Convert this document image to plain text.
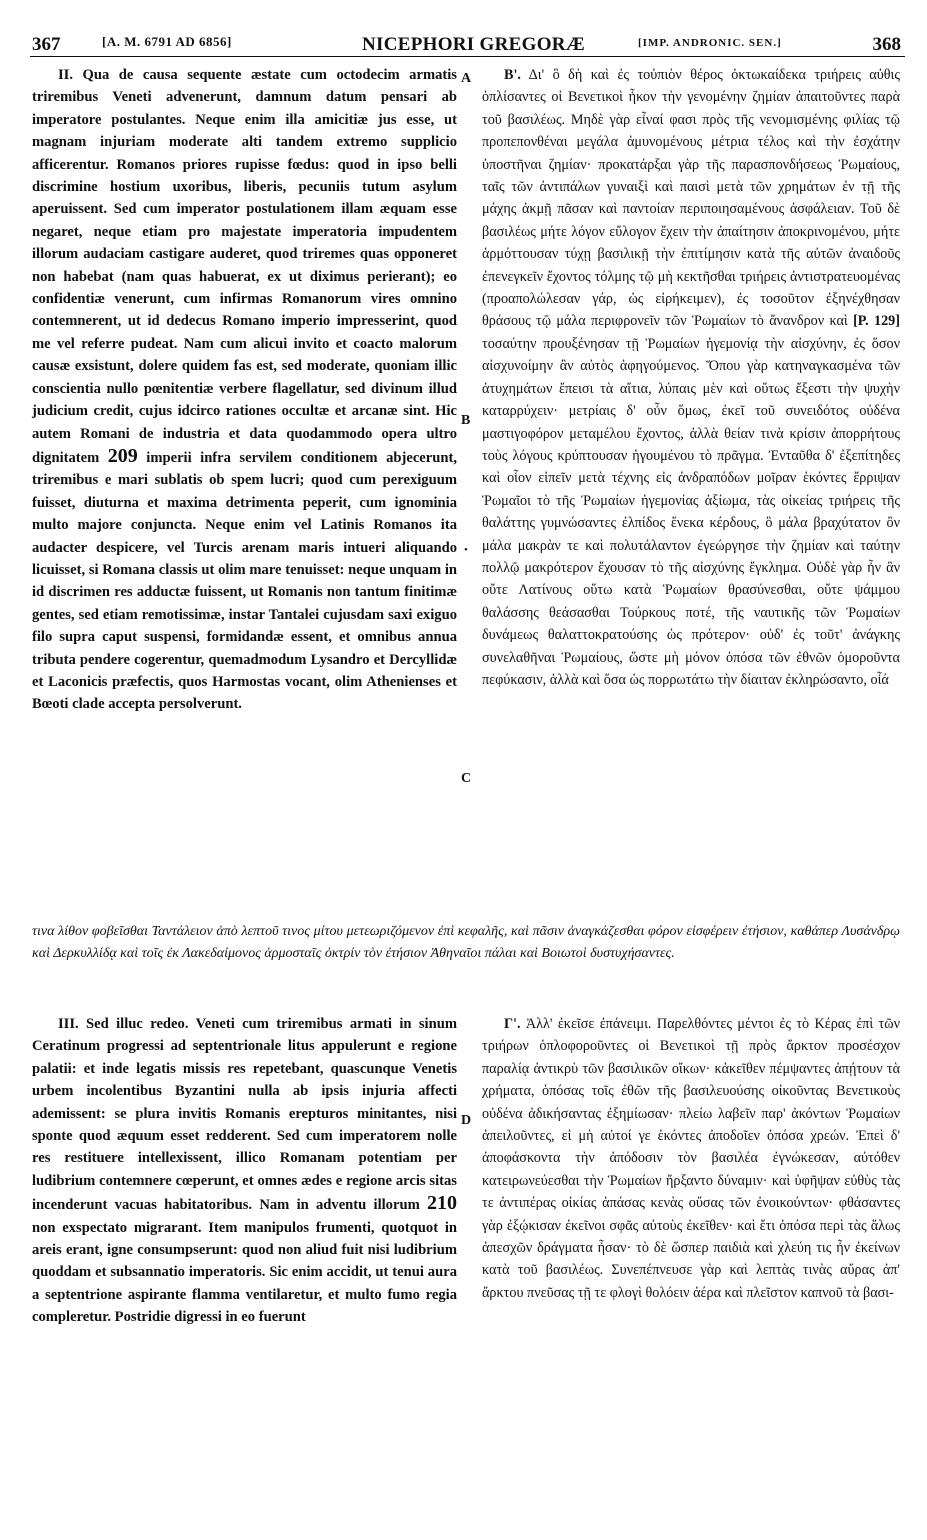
367	[A. M. 6791 AD 6856]	NICEPHORI GREGORÆ	[IMP. ANDRONIC. SEN.]	368
A
B
•
C
D

II. Qua de causa sequente æstate cum octodecim armatis triremibus Veneti advenerunt, damnum datum pensari ab imperatore postulantes. Neque enim illa amicitiæ jus esse, ut magnam injuriam moderate alti tandem extremo supplicio afficerentur. Romanos priores rupisse fœdus: quod in ipso belli discrimine hostium uxoribus, liberis, pecuniis tutum asylum aperuissent. Sed cum imperator postulationem illam æquam esse negaret, neque etiam pro majestate imperatoria impudentem illorum audaciam castigare auderet, quod triremes quas opponeret non habebat (nam quas habuerat, ex ut diximus perierant); eo confidentiæ venerunt, cum infirmas Romanorum vires omnino contemnerent, ut id dedecus Romano imperio impresserint, quod me vel referre pudeat. Nam cum alicui invito et coacto malorum causæ exsistunt, dolere quidem fas est, sed moderate, quoniam illic conscientia nullo pœnitentiæ verbere flagellatur, sed divinum illud judicium credit, cujus idcirco rationes occultæ et arcanæ sint. Hic autem Romani de industria et data quodammodo opera ultro dignitatem 209 imperii infra servilem conditionem abjecerunt, triremibus e mari sublatis ob spem lucri; quod cum perexiguum fuisset, diuturna et maxima detrimenta peperit, cum ignominia multo majore conjuncta. Neque enim vel Latinis Romanos ita audacter despicere, vel Turcis arenam maris intueri aliquando licuisset, si Romana classis ut olim mare tenuisset: neque unquam in id discrimen res adductæ fuissent, ut Romanis non tantum finitimæ gentes, sed etiam remotissimæ, instar Tantalei cujusdam saxi exiguo filo supra caput suspensi, formidandæ essent, et omnibus annua tributa pendere cogerentur, quemadmodum Lysandro et Dercyllidæ et Laconicis præfectis, quos Harmostas vocant, olim Athenienses et Bœoti clade accepta persolverunt.

Β'. Δι' ὃ δὴ καὶ ἐς τοὐπιὸν θέρος ὀκτωκαίδεκα τριήρεις αὐθις ὁπλίσαντες οἱ Βενετικοὶ ἧκον τὴν γενομένην ζημίαν ἀπαιτοῦντες παρὰ τοῦ βασιλέως. Μηδὲ γὰρ εἶναί φασι πρὸς τῆς νενομισμένης φιλίας τῷ προπεπονθέναι μεγάλα ἀμυνομένους μέτρια τέλος καὶ τὴν ἐσχάτην ὑποστῆναι ζημίαν· προκατάρξαι γὰρ τῆς παρασπονδήσεως Ῥωμαίους, ταῖς τῶν ἀντιπάλων γυναιξὶ καὶ παισὶ μετὰ τῶν χρημάτων ἐν τῇ τῆς μάχης ἀκμῇ πᾶσαν καὶ παντοίαν περιποιησαμένους ἀσφάλειαν. Τοῦ δὲ βασιλέως μήτε λόγον εὔλογον ἔχειν τὴν ἀπαίτησιν ἀποκρινομένου, μήτε ἁρμόττουσαν τύχῃ βασιλικῇ τὴν ἐπιτίμησιν κατὰ τῆς αὐτῶν ἀναιδοῦς ἐπενεγκεῖν ἔχοντος τόλμης τῷ μὴ κεκτῆσθαι τριήρεις ἀντιστρατευομένας (προαπολώλεσαν γάρ, ὡς εἰρήκειμεν), ἐς τοσοῦτον ἐξηνέχθησαν θράσους τῷ μάλα περιφρονεῖν τῶν Ῥωμαίων τὸ ἄνανδρον καὶ [P. 129] τοσαύτην προυξένησαν τῇ Ῥωμαίων ἡγεμονίᾳ τὴν αἰσχύνην, ἐς ὅσον αἰσχυνοίμην ἂν αὐτὸς ἀφηγούμενος. Ὅπου γὰρ κατηναγκασμένα τῶν ἀτυχημάτων ἔπεισι τὰ αἴτια, λύπαις μὲν καὶ οὕτως ἔξεστι τὴν ψυχὴν καταρρύχειν· μετρίαις δ' οὖν ὅμως, ἐκεῖ τοῦ συνειδότος οὐδένα μαστιγοφόρον μεταμέλου ἔχοντος, ἀλλὰ θείαν τινὰ κρίσιν ἀπορρήτους τοὺς λόγους κρύπτουσαν ἡγουμένου τὸ πρᾶγμα. Ἐνταῦθα δ' ἐξεπίτηδες καὶ οἷον εἰπεῖν μετὰ τέχνης εἰς ἀνδραπόδων μοῖραν ἑκόντες ἔρριψαν Ῥωμαῖοι τὸ τῆς Ῥωμαίων ἡγεμονίας ἀξίωμα, τὰς οἰκείας τριήρεις τῆς θαλάττης γυμνώσαντες ἐλπίδος ἕνεκα κέρδους, ὃ μάλα βραχύτατον ὂν μάλα μακρὰν τε καὶ πολυτάλαντον ἐγεώργησε τὴν ζημίαν καὶ ταύτην πολλῷ μακρότερον ἔχουσαν τὸ τῆς αἰσχύνης ἔγκλημα. Οὐδὲ γὰρ ἦν ἂν οὔτε Λατίνους οὕτω κατὰ Ῥωμαίων θρασύνεσθαι, οὔτε ψάμμου θαλάσσης θεάσασθαι Τούρκους ποτέ, τῆς ναυτικῆς τῶν Ῥωμαίων δυνάμεως θαλαττοκρατούσης ὡς πρότερον· οὐδ' ἐς τοῦτ' ἀνάγκης συνελαθῆναι Ῥωμαίους, ὥστε μὴ μόνον ὁπόσα τῶν ἐθνῶν ὁμοροῦντα πεφύκασιν, ἀλλὰ καὶ ὅσα ὡς πορρωτάτω τὴν δίαιταν ἐκληρώσαντο, οἷά

τινα λίθον φοβεῖσθαι Ταντάλειον ἀπὸ λεπτοῦ τινος μίτου μετεωριζόμενον ἐπὶ κεφαλῆς, καὶ πᾶσιν ἀναγκάζεσθαι φόρον εἰσφέρειν ἐτήσιον, καθάπερ Λυσάνδρῳ καὶ Δερκυλλίδᾳ καὶ τοῖς ἐκ Λακεδαίμονος ἁρμοσταῖς ὀκτρίν τὸν ἐτήσιον Ἀθηναῖοι πάλαι καὶ Βοιωτοὶ δυστυχήσαντες.

III. Sed illuc redeo. Veneti cum triremibus armati in sinum Ceratinum progressi ad septentrionale litus appulerunt e regione palatii: et inde legatis missis res repetebant, quascunque Venetis urbem incolentibus Byzantini nulla ab ipsis injuria affecti ademissent: se plura invitis Romanis erepturos minitantes, nisi sponte quod æquum esset redderent. Sed cum imperatorem nolle res restituere intellexissent, illico Romanam potentiam per ludibrium contemnere cœperunt, et omnes ædes e regione arcis sitas incenderunt vacuas habitatoribus. Nam in adventu illorum 210 non exspectato migrarant. Item manipulos frumenti, quotquot in areis erant, igne consumpserunt: quod non aliud fuit nisi ludibrium quoddam et subsannatio imperatoris. Sic enim accidit, ut tenui aura a septentrione aspirante flamma ventilaretur, et multo fumo regia compleretur. Postridie digressi in eo fuerunt

Γ'. Ἀλλ' ἐκεῖσε ἐπάνειμι. Παρελθόντες μέντοι ἐς τὸ Κέρας ἐπὶ τῶν τριήρων ὁπλοφοροῦντες οἱ Βενετικοὶ τῇ πρὸς ἄρκτον προσέσχον παραλίᾳ ἀντικρὺ τῶν βασιλικῶν οἴκων· κἀκεῖθεν πέμψαντες ἀπῄτουν τὰ χρήματα, ὁπόσας τοῖς ἐθῶν τῆς βασιλευούσης οἰκοῦντας Βενετικοὺς οὐδένα ἀδικήσαντας ἐξημίωσαν· πλείω λαβεῖν παρ' ἀκόντων Ῥωμαίων ἀπειλοῦντες, εἰ μὴ αὐτοί γε ἑκόντες ἀποδοῖεν ὁπόσα χρεών. Ἐπεὶ δ' ἀποφάσκοντα τὴν ἀπόδοσιν τὸν βασιλέα ἐγνώκεσαν, αὐτόθεν κατειρωνεύεσθαι τὴν Ῥωμαίων ἤρξαντο δύναμιν· καὶ ὑφῆψαν εὐθὺς τὰς τε ἀντιπέρας οἰκίας ἁπάσας κενὰς οὔσας τῶν ἐνοικούντων· φθάσαντες γὰρ ἐξῴκισαν ἐκεῖνοι σφᾶς αὐτοὺς ἐκεῖθεν· καὶ ἔτι ὁπόσα περὶ τὰς ἅλως ἀπεσχῶν δράγματα ἦσαν· τὸ δὲ ὥσπερ παιδιὰ καὶ χλεύη τις ἦν ἐκείνων κατὰ τοῦ βασιλέως. Συνεπέπνευσε γὰρ καὶ λεπτὰς τινὰς αὔρας ἀπ' ἄρκτου πνεῦσας τῇ τε φλογὶ θολόειν ἀέρα καὶ πλεῖστον καπνοῦ τὰ βασι-
